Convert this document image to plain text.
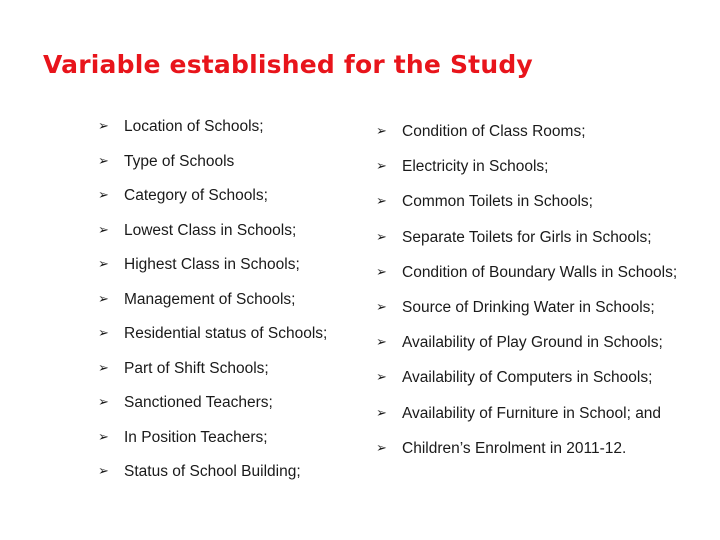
Variable established for the Study
➢ Location of Schools;
➢ Type of Schools
➢ Category of Schools;
➢ Lowest Class in Schools;
➢ Highest Class in Schools;
➢ Management of Schools;
➢ Residential status of Schools;
➢ Part of Shift Schools;
➢ Sanctioned Teachers;
➢ In Position Teachers;
➢ Status of School Building;
➢ Condition of Class Rooms;
➢ Electricity in Schools;
➢ Common Toilets in Schools;
➢ Separate Toilets for Girls in Schools;
➢ Condition of Boundary Walls in Schools;
➢ Source of Drinking Water in Schools;
➢ Availability of Play Ground in Schools;
➢ Availability of Computers in Schools;
➢ Availability of Furniture in School; and
➢ Children’s Enrolment in 2011-12.
